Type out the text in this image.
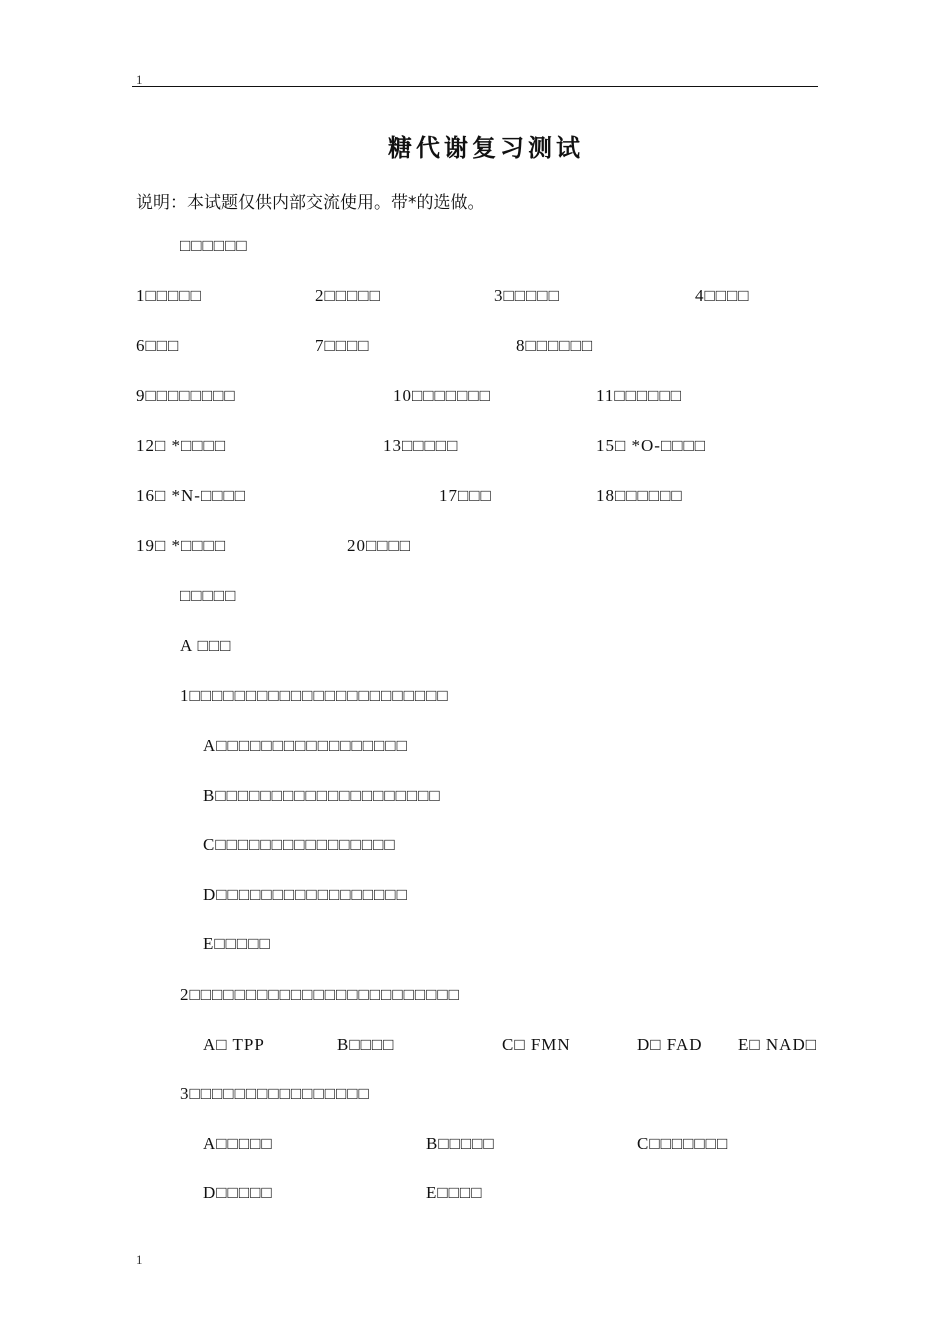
1
糖代谢复习测试
说明：本试题仅供内部交流使用。带*的选做。
□□□□□□
1□□□□□	2□□□□□	3□□□□□	4□□□□
6□□□	7□□□□	8□□□□□□
9□□□□□□□□	10□□□□□□□	11□□□□□□
12□ *□□□□	13□□□□□	15□ *O-□□□□
16□ *N-□□□□	17□□□	18□□□□□□
19□ *□□□□	20□□□□
□□□□□
A □□□
1□□□□□□□□□□□□□□□□□□□□□□□
A□□□□□□□□□□□□□□□□□
B□□□□□□□□□□□□□□□□□□□□
C□□□□□□□□□□□□□□□□
D□□□□□□□□□□□□□□□□□
E□□□□□
2□□□□□□□□□□□□□□□□□□□□□□□□
A□ TPP	B□□□□	C□ FMN	D□ FAD E□ NAD□
3□□□□□□□□□□□□□□□□
A□□□□□	B□□□□□	C□□□□□□□
D□□□□□	E□□□□
1
